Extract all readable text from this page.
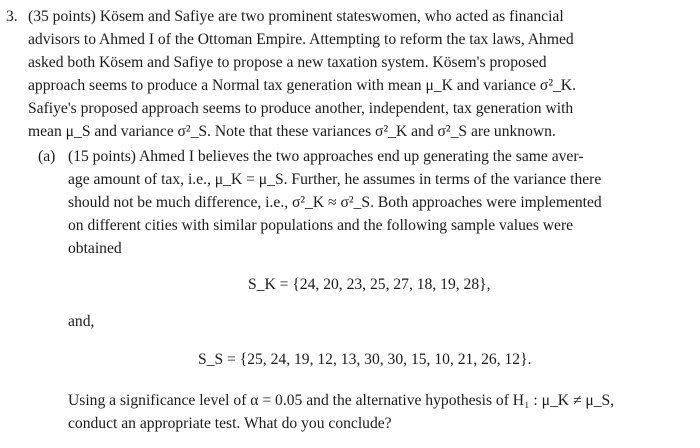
3. (35 points) Kösem and Safiye are two prominent stateswomen, who acted as financial
advisors to Ahmed I of the Ottoman Empire. Attempting to reform the tax laws, Ahmed
asked both Kösem and Safiye to propose a new taxation system. Kösem's proposed
approach seems to produce a Normal tax generation with mean μ_K and variance σ²_K.
Safiye's proposed approach seems to produce another, independent, tax generation with
mean μ_S and variance σ²_S. Note that these variances σ²_K and σ²_S are unknown.
(a) (15 points) Ahmed I believes the two approaches end up generating the same aver-
age amount of tax, i.e., μ_K = μ_S. Further, he assumes in terms of the variance there
should not be much difference, i.e., σ²_K ≈ σ²_S. Both approaches were implemented
on different cities with similar populations and the following sample values were
obtained
S_K = {24, 20, 23, 25, 27, 18, 19, 28},
and,
S_S = {25, 24, 19, 12, 13, 30, 30, 15, 10, 21, 26, 12}.
Using a significance level of α = 0.05 and the alternative hypothesis of H₁ : μ_K ≠ μ_S,
conduct an appropriate test. What do you conclude?
